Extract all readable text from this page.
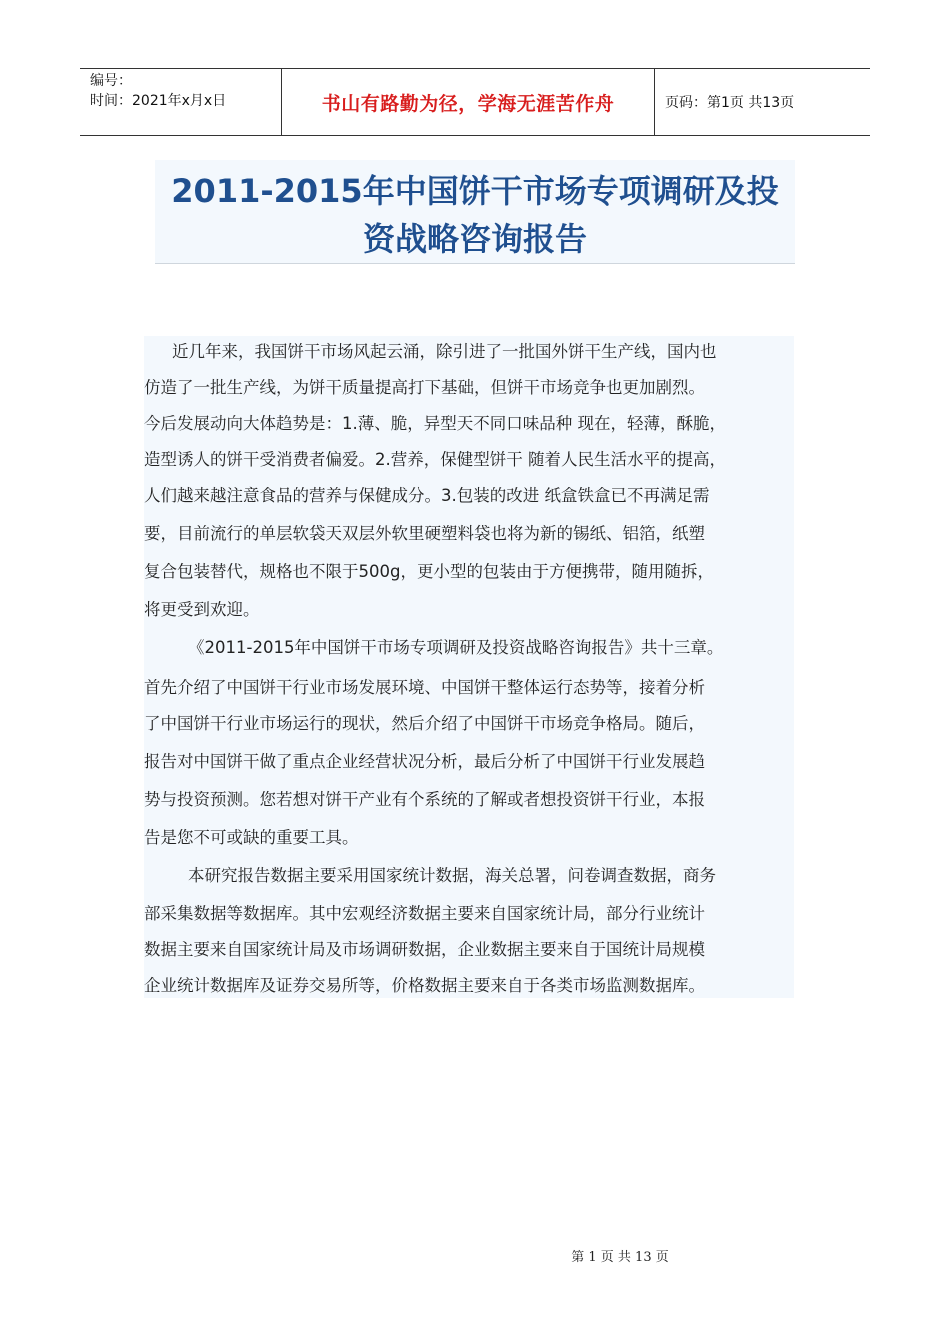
编号：
时间：2021年x月x日	书山有路勤为径，学海无涯苦作舟	页码：第1页 共13页
2011-2015年中国饼干市场专项调研及投
资战略咨询报告
近几年来，我国饼干市场风起云涌，除引进了一批国外饼干生产线，国内也
仿造了一批生产线，为饼干质量提高打下基础，但饼干市场竞争也更加剧烈。
今后发展动向大体趋势是：1.薄、脆，异型天不同口味品种 现在，轻薄，酥脆，
造型诱人的饼干受消费者偏爱。2.营养，保健型饼干 随着人民生活水平的提高，
人们越来越注意食品的营养与保健成分。3.包装的改进 纸盒铁盒已不再满足需
要，目前流行的单层软袋天双层外软里硬塑料袋也将为新的锡纸、铝箔，纸塑
复合包装替代，规格也不限于500g，更小型的包装由于方便携带，随用随拆，
将更受到欢迎。
《2011-2015年中国饼干市场专项调研及投资战略咨询报告》共十三章。
首先介绍了中国饼干行业市场发展环境、中国饼干整体运行态势等，接着分析
了中国饼干行业市场运行的现状，然后介绍了中国饼干市场竞争格局。随后，
报告对中国饼干做了重点企业经营状况分析，最后分析了中国饼干行业发展趋
势与投资预测。您若想对饼干产业有个系统的了解或者想投资饼干行业，本报
告是您不可或缺的重要工具。
本研究报告数据主要采用国家统计数据，海关总署，问卷调查数据，商务
部采集数据等数据库。其中宏观经济数据主要来自国家统计局，部分行业统计
数据主要来自国家统计局及市场调研数据，企业数据主要来自于国统计局规模
企业统计数据库及证券交易所等，价格数据主要来自于各类市场监测数据库。
第 1 页 共 13 页
